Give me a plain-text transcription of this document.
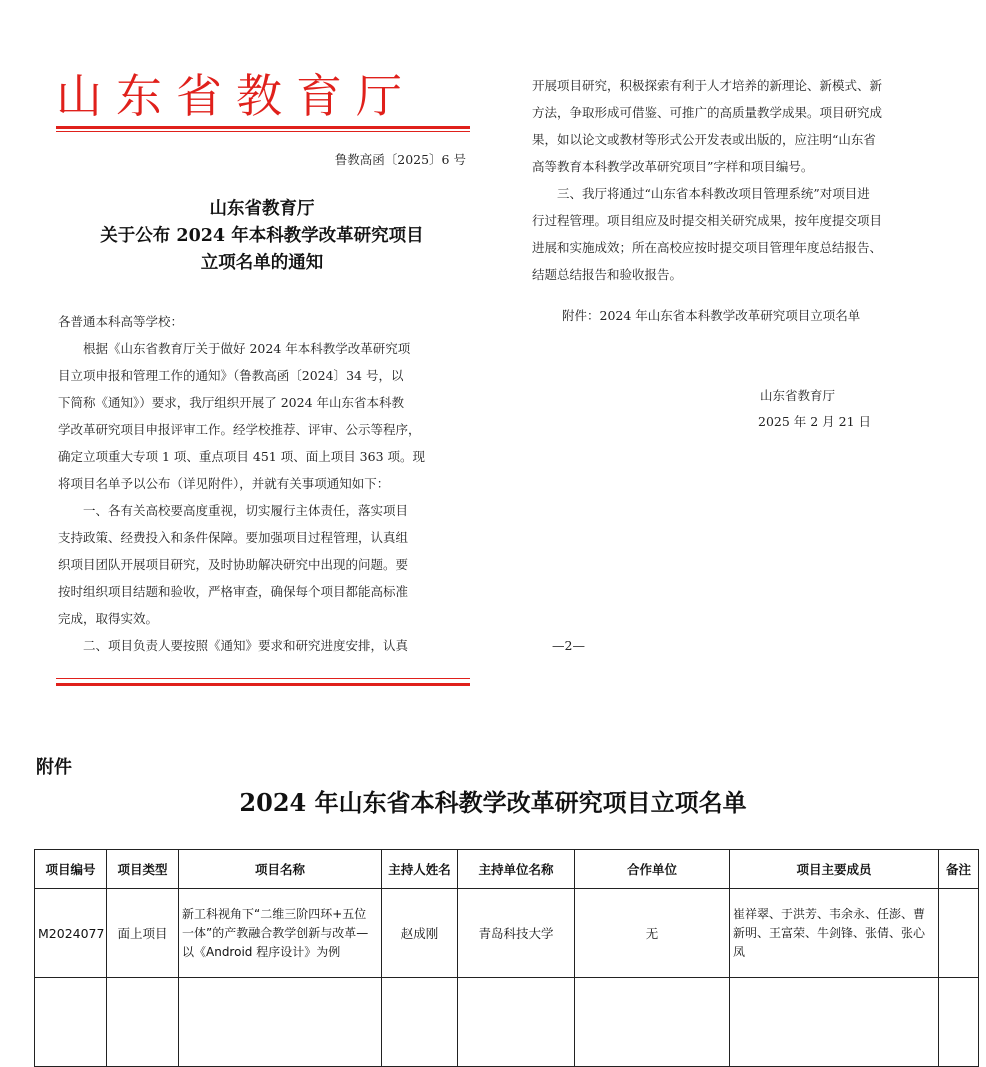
山东省教育厅
鲁教高函〔2025〕6 号
山东省教育厅
关于公布 2024 年本科教学改革研究项目
立项名单的通知
各普通本科高等学校：
根据《山东省教育厅关于做好 2024 年本科教学改革研究项
目立项申报和管理工作的通知》（鲁教高函〔2024〕34 号，以
下简称《通知》）要求，我厅组织开展了 2024 年山东省本科教
学改革研究项目申报评审工作。经学校推荐、评审、公示等程序，
确定立项重大专项 1 项、重点项目 451 项、面上项目 363 项。现
将项目名单予以公布（详见附件），并就有关事项通知如下：
一、各有关高校要高度重视，切实履行主体责任，落实项目
支持政策、经费投入和条件保障。要加强项目过程管理，认真组
织项目团队开展项目研究，及时协助解决研究中出现的问题。要
按时组织项目结题和验收，严格审查，确保每个项目都能高标准
完成，取得实效。
二、项目负责人要按照《通知》要求和研究进度安排，认真
开展项目研究，积极探索有利于人才培养的新理论、新模式、新
方法，争取形成可借鉴、可推广的高质量教学成果。项目研究成
果，如以论文或教材等形式公开发表或出版的，应注明“山东省
高等教育本科教学改革研究项目”字样和项目编号。
三、我厅将通过“山东省本科教改项目管理系统”对项目进
行过程管理。项目组应及时提交相关研究成果，按年度提交项目
进展和实施成效；所在高校应按时提交项目管理年度总结报告、
结题总结报告和验收报告。
附件：2024 年山东省本科教学改革研究项目立项名单
山东省教育厅
2025 年 2 月 21 日
—2—
附件
2024 年山东省本科教学改革研究项目立项名单
项目编号	项目类型	项目名称	主持人姓名	主持单位名称	合作单位	项目主要成员	备注
M2024077	面上项目	新工科视角下“二维三阶四环+五位一体”的产教融合教学创新与改革—以《Android 程序设计》为例	赵成刚	青岛科技大学	无	崔祥翠、于洪芳、韦余永、任澎、曹新明、王富荣、牛剑锋、张倩、张心凤	
